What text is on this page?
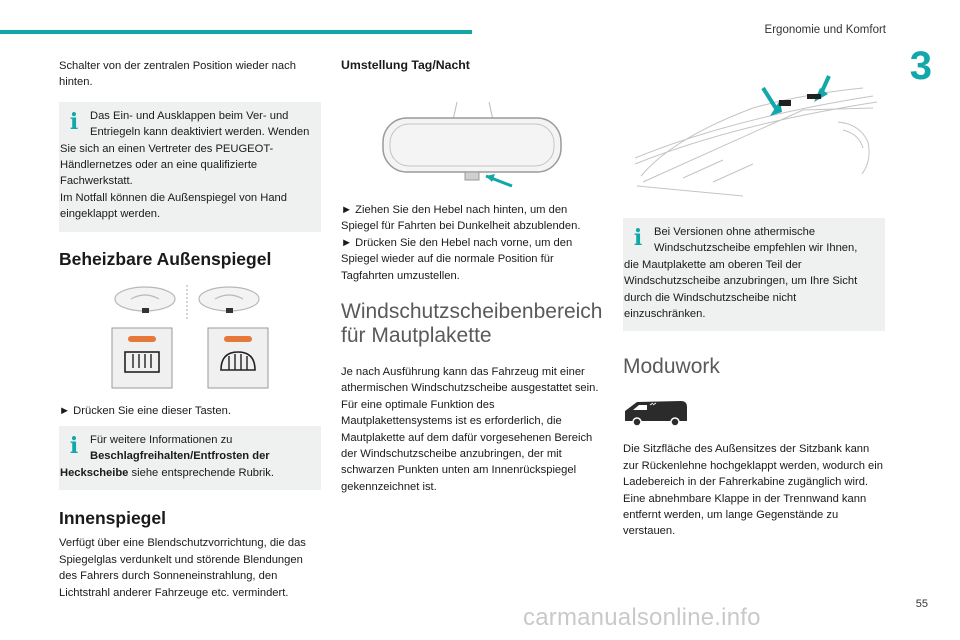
Ergonomie und Komfort
3
55

Schalter von der zentralen Position wieder nach hinten.

i	Das Ein- und Ausklappen beim Ver- und
Entriegeln kann deaktiviert werden. Wenden
Sie sich an einen Vertreter des PEUGEOT-
Händlernetzes oder an eine qualifizierte
Fachwerkstatt.
Im Notfall können die Außenspiegel von Hand
eingeklappt werden.
Beheizbare Außenspiegel

► Drücken Sie eine dieser Tasten.

i	Für weitere Informationen zu
Beschlagfreihalten/Entfrosten der
Heckscheibe siehe entsprechende Rubrik.
Innenspiegel

Verfügt über eine Blendschutzvorrichtung, die das Spiegelglas verdunkelt und störende Blendungen des Fahrers durch Sonneneinstrahlung, den Lichtstrahl anderer Fahrzeuge etc. vermindert.

Umstellung Tag/Nacht

► Ziehen Sie den Hebel nach hinten, um den Spiegel für Fahrten bei Dunkelheit abzublenden.

► Drücken Sie den Hebel nach vorne, um den Spiegel wieder auf die normale Position für Tagfahrten umzustellen.

Windschutzscheibenbereich
für Mautplakette

Je nach Ausführung kann das Fahrzeug mit einer athermischen Windschutzscheibe ausgestattet sein. Für eine optimale Funktion des Mautplakettensystems ist es erforderlich, die Mautplakette auf dem dafür vorgesehenen Bereich der Windschutzscheibe anzubringen, der mit schwarzen Punkten unten am Innenrückspiegel gekennzeichnet ist.

i	Bei Versionen ohne athermische
Windschutzscheibe empfehlen wir Ihnen,
die Mautplakette am oberen Teil der
Windschutzscheibe anzubringen, um Ihre Sicht
durch die Windschutzscheibe nicht
einzuschränken.
Moduwork

Die Sitzfläche des Außensitzes der Sitzbank kann zur Rückenlehne hochgeklappt werden, wodurch ein Ladebereich in der Fahrerkabine zugänglich wird. Eine abnehmbare Klappe in der Trennwand kann entfernt werden, um lange Gegenstände zu verstauen.

carmanualsonline.info
